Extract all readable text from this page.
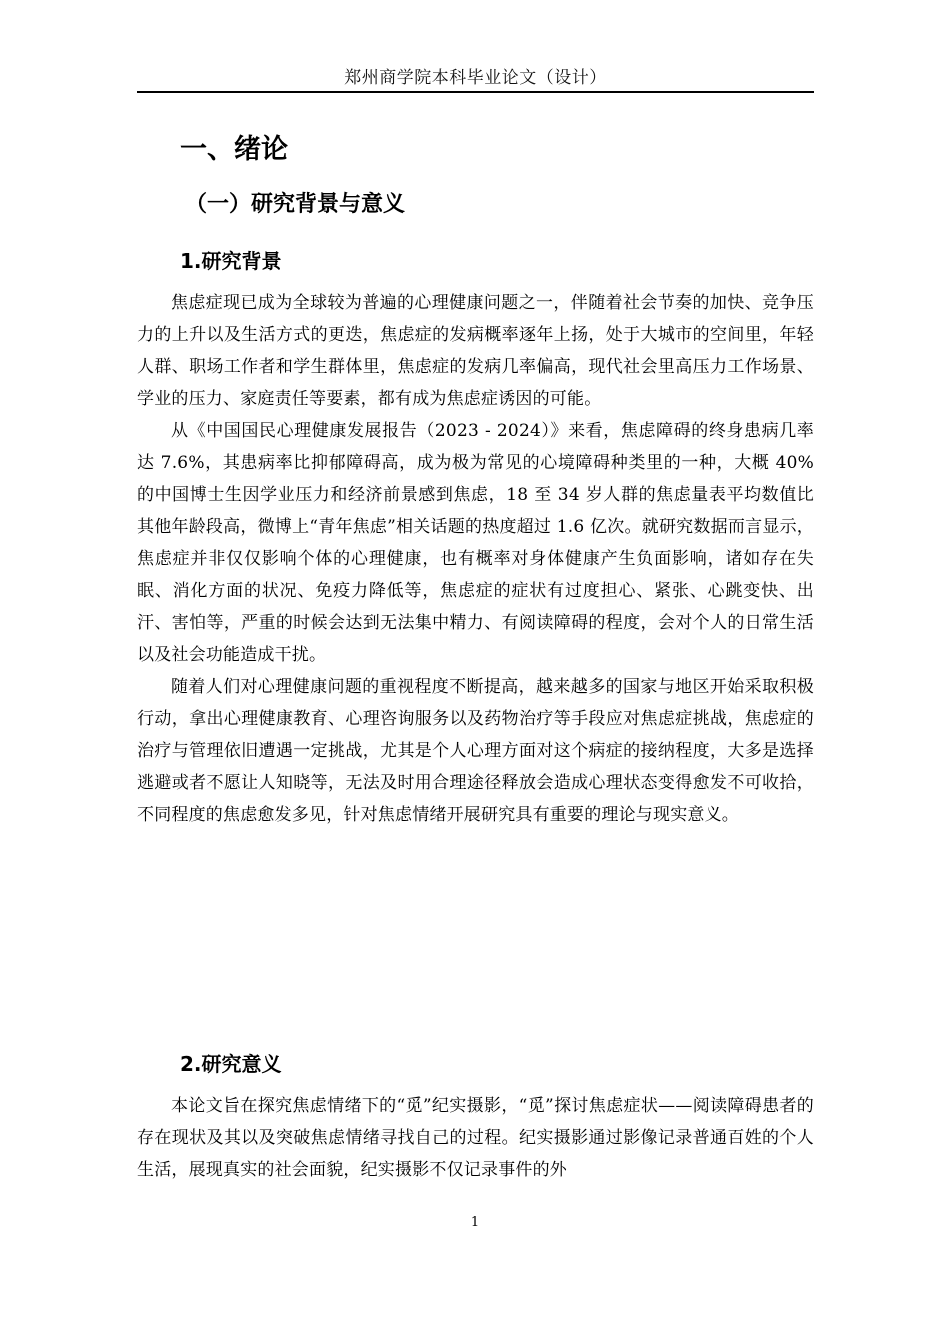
郑州商学院本科毕业论文（设计）
一、绪论
（一）研究背景与意义
1.研究背景

焦虑症现已成为全球较为普遍的心理健康问题之一，伴随着社会节奏的加快、竞争压力的上升以及生活方式的更迭，焦虑症的发病概率逐年上扬，处于大城市的空间里，年轻人群、职场工作者和学生群体里，焦虑症的发病几率偏高，现代社会里高压力工作场景、学业的压力、家庭责任等要素，都有成为焦虑症诱因的可能。

从《中国国民心理健康发展报告（2023 - 2024）》来看，焦虑障碍的终身患病几率达 7.6%，其患病率比抑郁障碍高，成为极为常见的心境障碍种类里的一种，大概 40%的中国博士生因学业压力和经济前景感到焦虑，18 至 34 岁人群的焦虑量表平均数值比其他年龄段高，微博上“青年焦虑”相关话题的热度超过 1.6 亿次。就研究数据而言显示，焦虑症并非仅仅影响个体的心理健康，也有概率对身体健康产生负面影响，诸如存在失眠、消化方面的状况、免疫力降低等，焦虑症的症状有过度担心、紧张、心跳变快、出汗、害怕等，严重的时候会达到无法集中精力、有阅读障碍的程度，会对个人的日常生活以及社会功能造成干扰。

随着人们对心理健康问题的重视程度不断提高，越来越多的国家与地区开始采取积极行动，拿出心理健康教育、心理咨询服务以及药物治疗等手段应对焦虑症挑战，焦虑症的治疗与管理依旧遭遇一定挑战，尤其是个人心理方面对这个病症的接纳程度，大多是选择逃避或者不愿让人知晓等，无法及时用合理途径释放会造成心理状态变得愈发不可收拾，不同程度的焦虑愈发多见，针对焦虑情绪开展研究具有重要的理论与现实意义。

2.研究意义

本论文旨在探究焦虑情绪下的“觅”纪实摄影，“觅”探讨焦虑症状——阅读障碍患者的存在现状及其以及突破焦虑情绪寻找自己的过程。纪实摄影通过影像记录普通百姓的个人生活，展现真实的社会面貌，纪实摄影不仅记录事件的外

1
